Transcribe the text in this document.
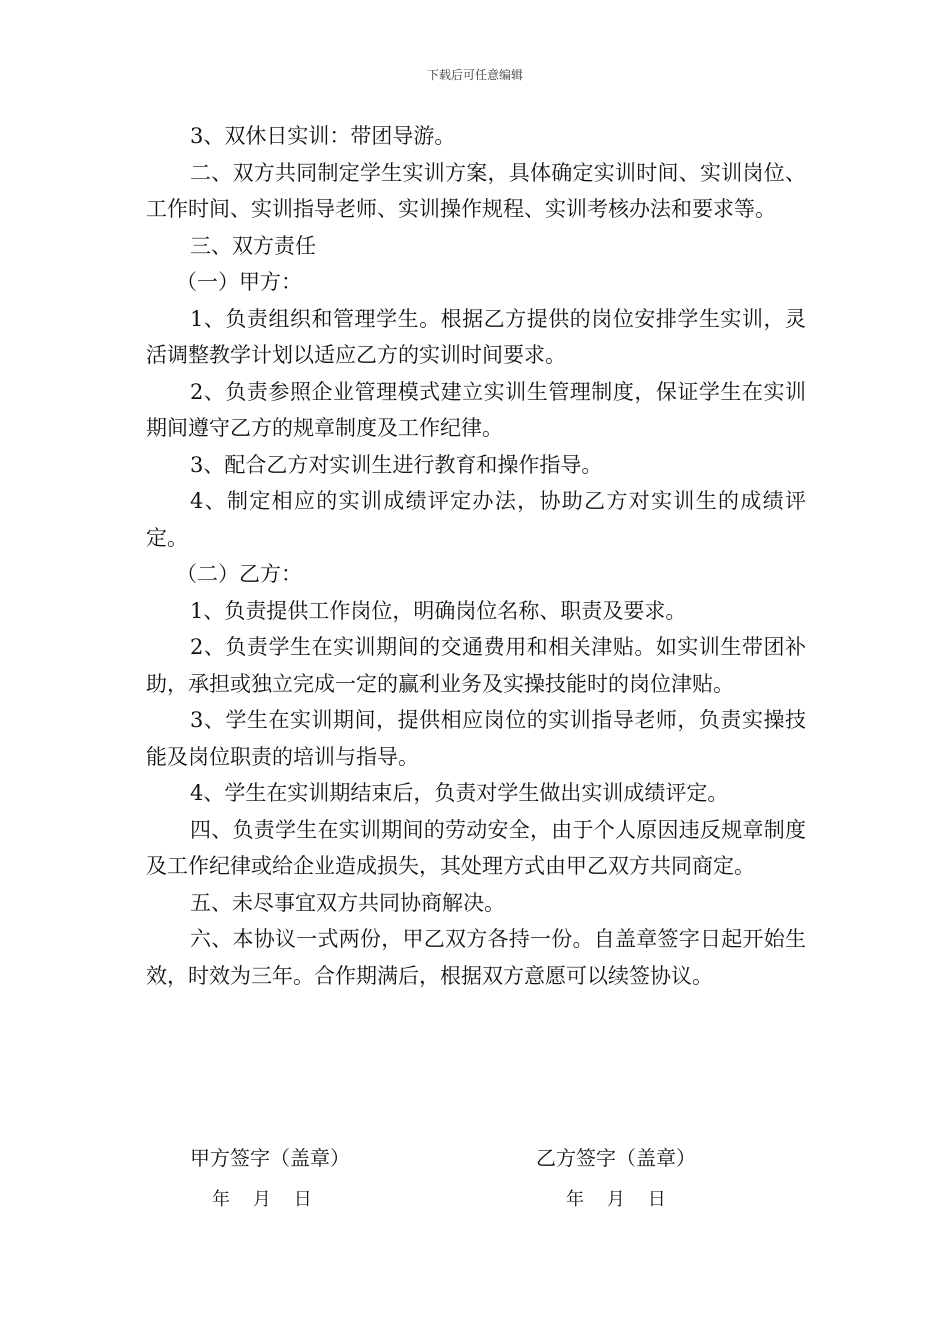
下载后可任意编辑

3、双休日实训：带团导游。

二、双方共同制定学生实训方案，具体确定实训时间、实训岗位、工作时间、实训指导老师、实训操作规程、实训考核办法和要求等。

三、双方责任

（一）甲方：

1、负责组织和管理学生。根据乙方提供的岗位安排学生实训，灵活调整教学计划以适应乙方的实训时间要求。

2、负责参照企业管理模式建立实训生管理制度，保证学生在实训期间遵守乙方的规章制度及工作纪律。

3、配合乙方对实训生进行教育和操作指导。

4、制定相应的实训成绩评定办法，协助乙方对实训生的成绩评定。

（二）乙方：

1、负责提供工作岗位，明确岗位名称、职责及要求。

2、负责学生在实训期间的交通费用和相关津贴。如实训生带团补助，承担或独立完成一定的赢利业务及实操技能时的岗位津贴。

3、学生在实训期间，提供相应岗位的实训指导老师，负责实操技能及岗位职责的培训与指导。

4、学生在实训期结束后，负责对学生做出实训成绩评定。

四、负责学生在实训期间的劳动安全，由于个人原因违反规章制度及工作纪律或给企业造成损失，其处理方式由甲乙双方共同商定。

五、未尽事宜双方共同协商解决。

六、本协议一式两份，甲乙双方各持一份。自盖章签字日起开始生效，时效为三年。合作期满后，根据双方意愿可以续签协议。

甲方签字（盖章）
年    月    日
乙方签字（盖章）
年    月    日
